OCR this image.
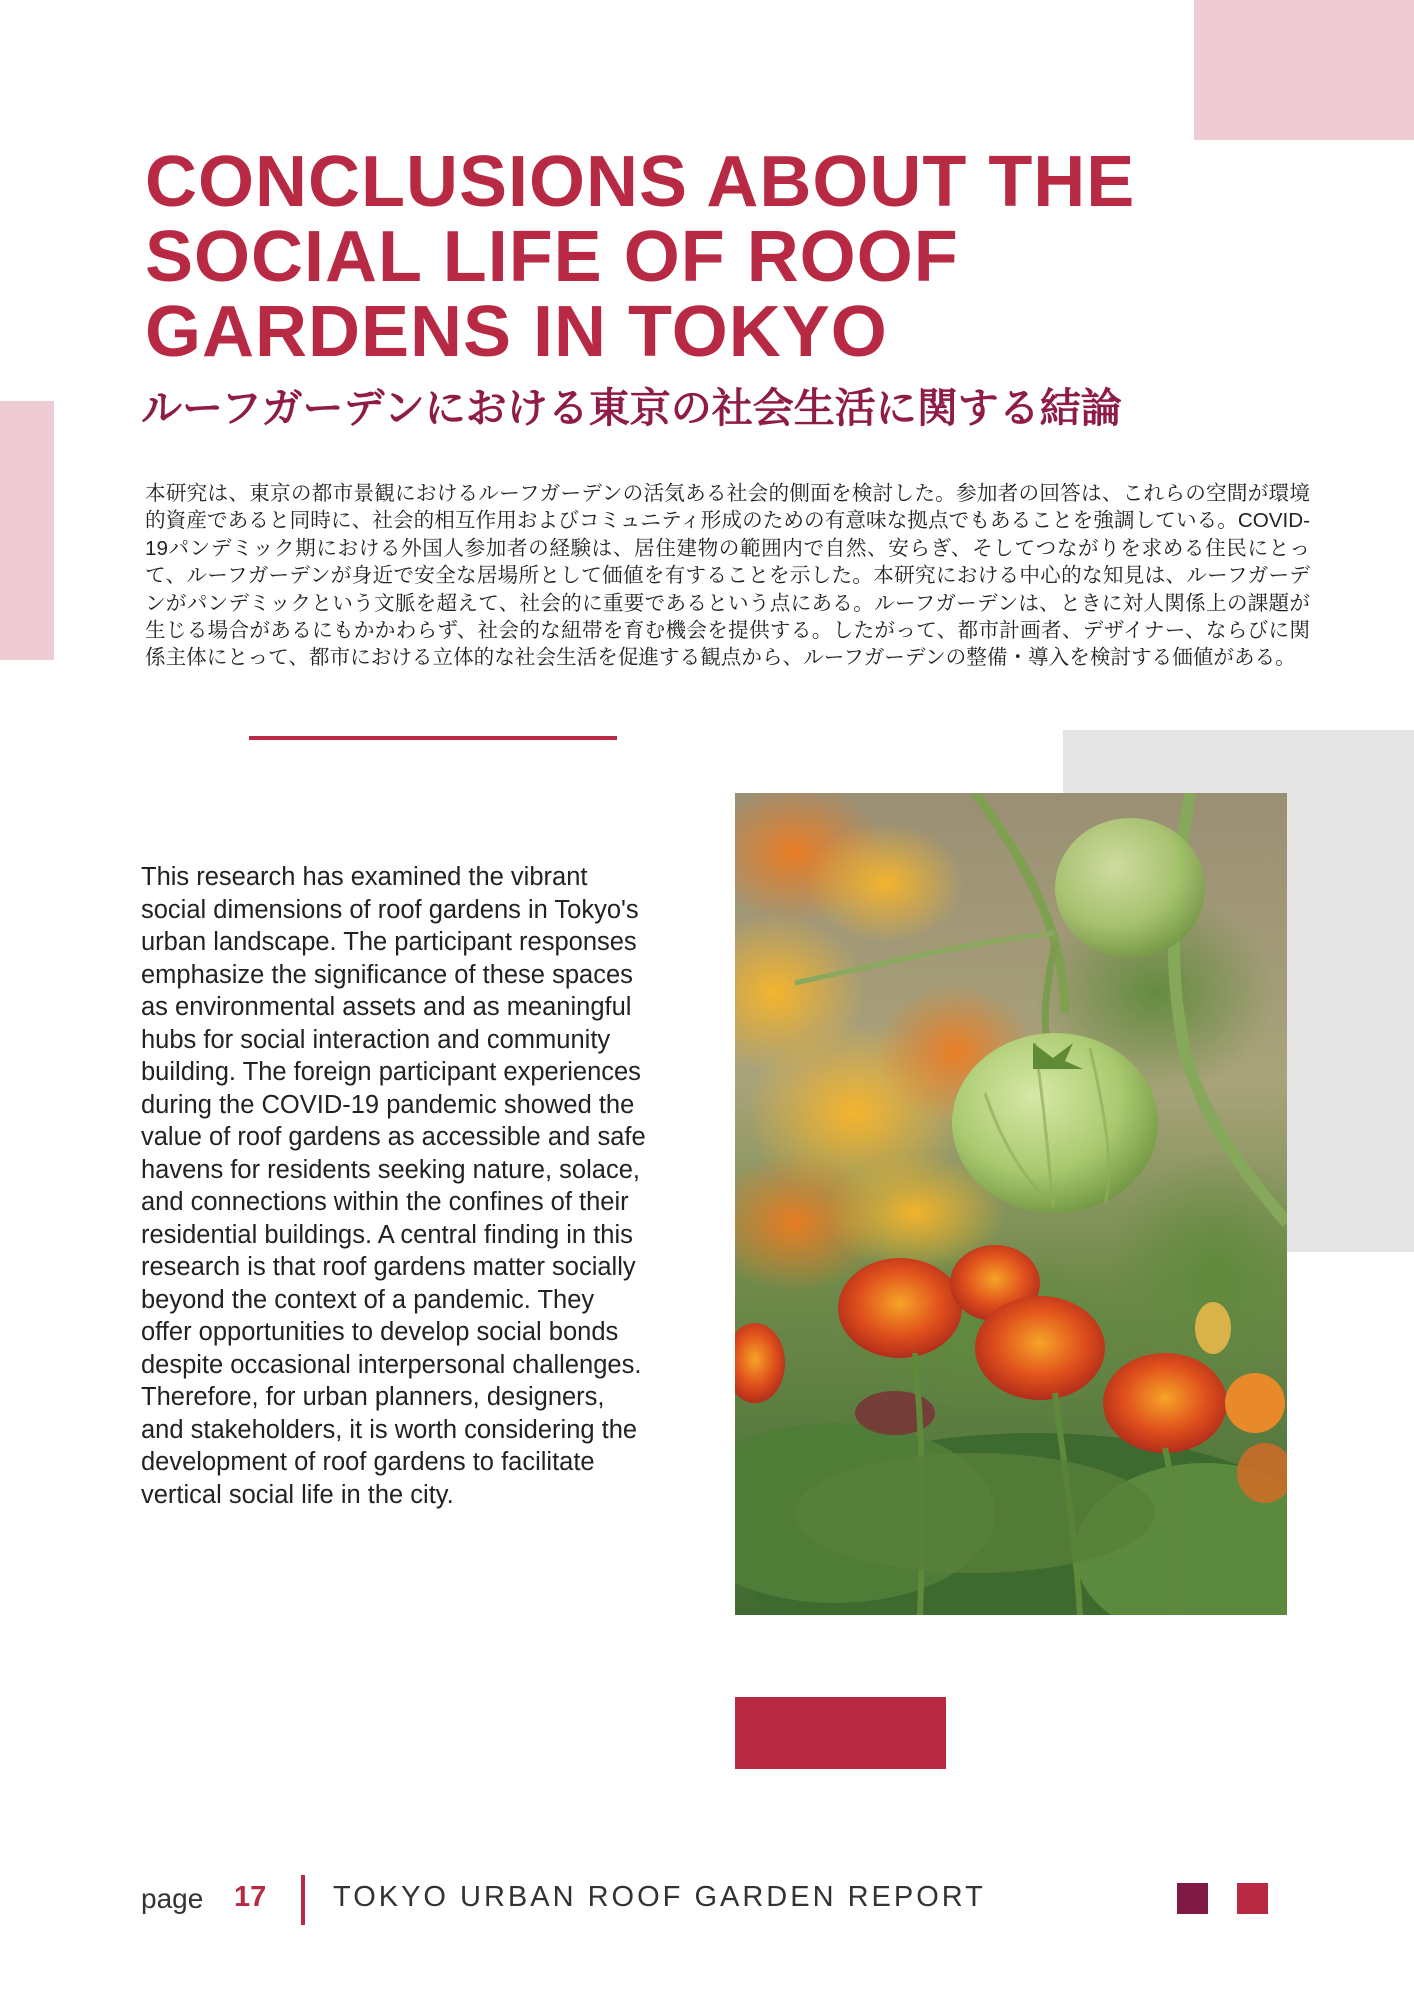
CONCLUSIONS ABOUT THE SOCIAL LIFE OF ROOF GARDENS IN TOKYO
ルーフガーデンにおける東京の社会生活に関する結論

本研究は、東京の都市景観におけるルーフガーデンの活気ある社会的側面を検討した。参加者の回答は、これらの空間が環境的資産であると同時に、社会的相互作用およびコミュニティ形成のための有意味な拠点でもあることを強調している。COVID-19パンデミック期における外国人参加者の経験は、居住建物の範囲内で自然、安らぎ、そしてつながりを求める住民にとって、ルーフガーデンが身近で安全な居場所として価値を有することを示した。本研究における中心的な知見は、ルーフガーデンがパンデミックという文脈を超えて、社会的に重要であるという点にある。ルーフガーデンは、ときに対人関係上の課題が生じる場合があるにもかかわらず、社会的な紐帯を育む機会を提供する。したがって、都市計画者、デザイナー、ならびに関係主体にとって、都市における立体的な社会生活を促進する観点から、ルーフガーデンの整備・導入を検討する価値がある。

This research has examined the vibrant social dimensions of roof gardens in Tokyo's urban landscape. The participant responses emphasize the significance of these spaces as environmental assets and as meaningful hubs for social interaction and community building. The foreign participant experiences during the COVID-19 pandemic showed the value of roof gardens as accessible and safe havens for residents seeking nature, solace, and connections within the confines of their residential buildings. A central finding in this research is that roof gardens matter socially beyond the context of a pandemic. They offer opportunities to develop social bonds despite occasional interpersonal challenges. Therefore, for urban planners, designers, and stakeholders, it is worth considering the development of roof gardens to facilitate vertical social life in the city.

page 17 TOKYO URBAN ROOF GARDEN REPORT
